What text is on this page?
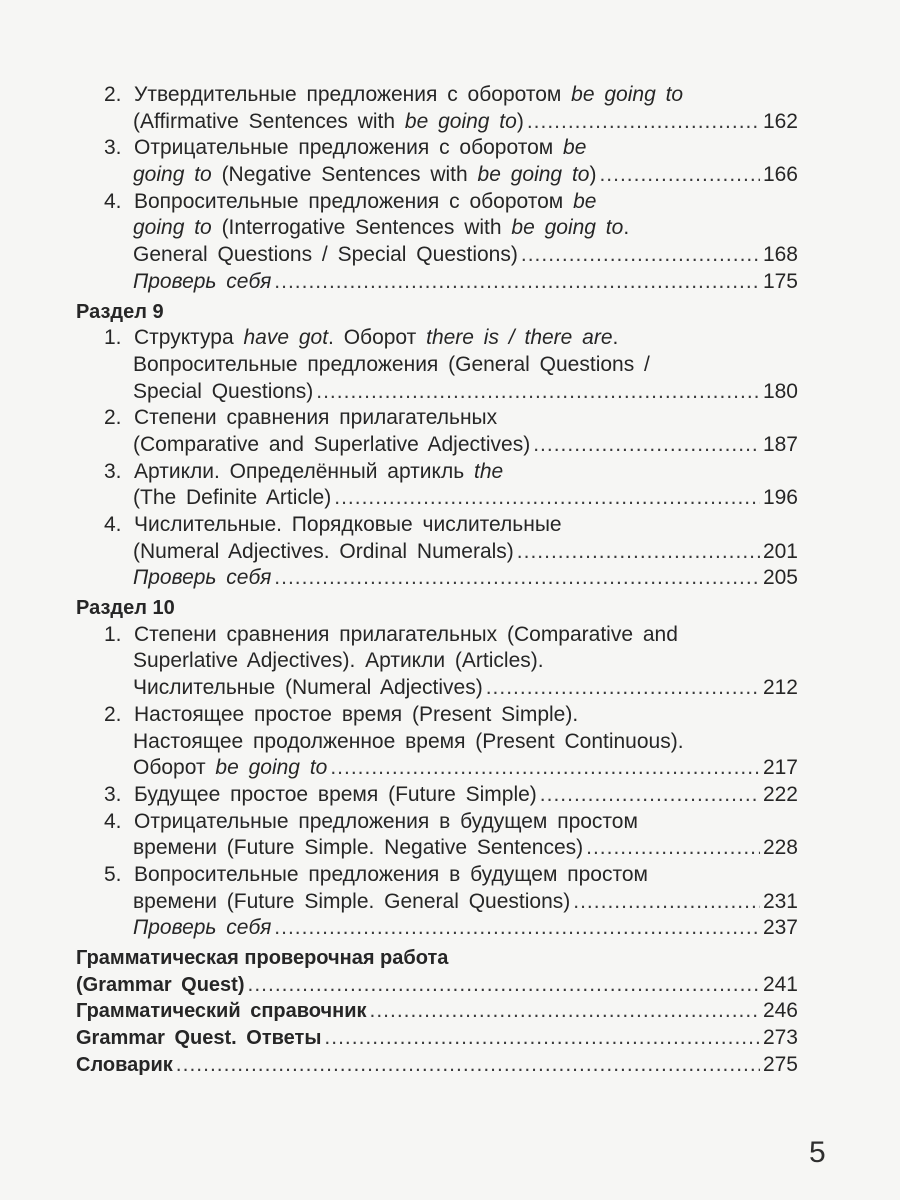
2. Утвердительные предложения с оборотом be going to
(Affirmative Sentences with be going to) .....	162
3. Отрицательные предложения с оборотом be
going to (Negative Sentences with be going to) .....	166
4. Вопросительные предложения с оборотом be
going to (Interrogative Sentences with be going to.
General Questions / Special Questions) .....	168
Проверь себя .....	175
Раздел 9
1. Структура have got. Оборот there is / there are.
Вопросительные предложения (General Questions /
Special Questions) .....	180
2. Степени сравнения прилагательных
(Comparative and Superlative Adjectives) .....	187
3. Артикли. Определённый артикль the
(The Definite Article) .....	196
4. Числительные. Порядковые числительные
(Numeral Adjectives. Ordinal Numerals) .....	201
Проверь себя .....	205
Раздел 10
1. Степени сравнения прилагательных (Comparative and
Superlative Adjectives). Артикли (Articles).
Числительные (Numeral Adjectives) .....	212
2. Настоящее простое время (Present Simple).
Настоящее продолженное время (Present Continuous).
Оборот be going to .....	217
3. Будущее простое время (Future Simple) .....	222
4. Отрицательные предложения в будущем простом
времени (Future Simple. Negative Sentences) .....	228
5. Вопросительные предложения в будущем простом
времени (Future Simple. General Questions) .....	231
Проверь себя .....	237
Грамматическая проверочная работа
(Grammar Quest) .....	241
Грамматический справочник .....	246
Grammar Quest. Ответы .....	273
Словарик .....	275
5
